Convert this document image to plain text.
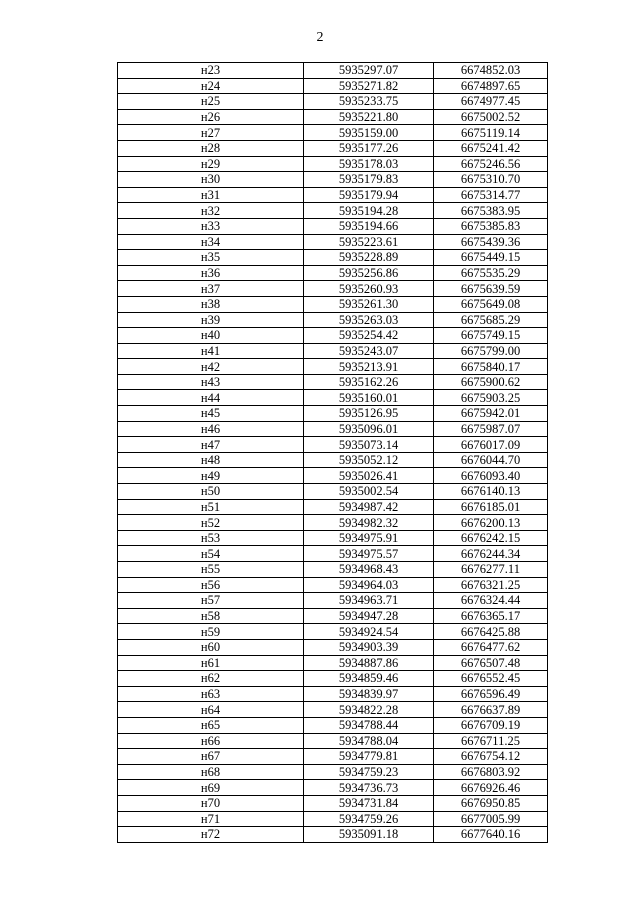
2
н23	5935297.07	6674852.03
н24	5935271.82	6674897.65
н25	5935233.75	6674977.45
н26	5935221.80	6675002.52
н27	5935159.00	6675119.14
н28	5935177.26	6675241.42
н29	5935178.03	6675246.56
н30	5935179.83	6675310.70
н31	5935179.94	6675314.77
н32	5935194.28	6675383.95
н33	5935194.66	6675385.83
н34	5935223.61	6675439.36
н35	5935228.89	6675449.15
н36	5935256.86	6675535.29
н37	5935260.93	6675639.59
н38	5935261.30	6675649.08
н39	5935263.03	6675685.29
н40	5935254.42	6675749.15
н41	5935243.07	6675799.00
н42	5935213.91	6675840.17
н43	5935162.26	6675900.62
н44	5935160.01	6675903.25
н45	5935126.95	6675942.01
н46	5935096.01	6675987.07
н47	5935073.14	6676017.09
н48	5935052.12	6676044.70
н49	5935026.41	6676093.40
н50	5935002.54	6676140.13
н51	5934987.42	6676185.01
н52	5934982.32	6676200.13
н53	5934975.91	6676242.15
н54	5934975.57	6676244.34
н55	5934968.43	6676277.11
н56	5934964.03	6676321.25
н57	5934963.71	6676324.44
н58	5934947.28	6676365.17
н59	5934924.54	6676425.88
н60	5934903.39	6676477.62
н61	5934887.86	6676507.48
н62	5934859.46	6676552.45
н63	5934839.97	6676596.49
н64	5934822.28	6676637.89
н65	5934788.44	6676709.19
н66	5934788.04	6676711.25
н67	5934779.81	6676754.12
н68	5934759.23	6676803.92
н69	5934736.73	6676926.46
н70	5934731.84	6676950.85
н71	5934759.26	6677005.99
н72	5935091.18	6677640.16
